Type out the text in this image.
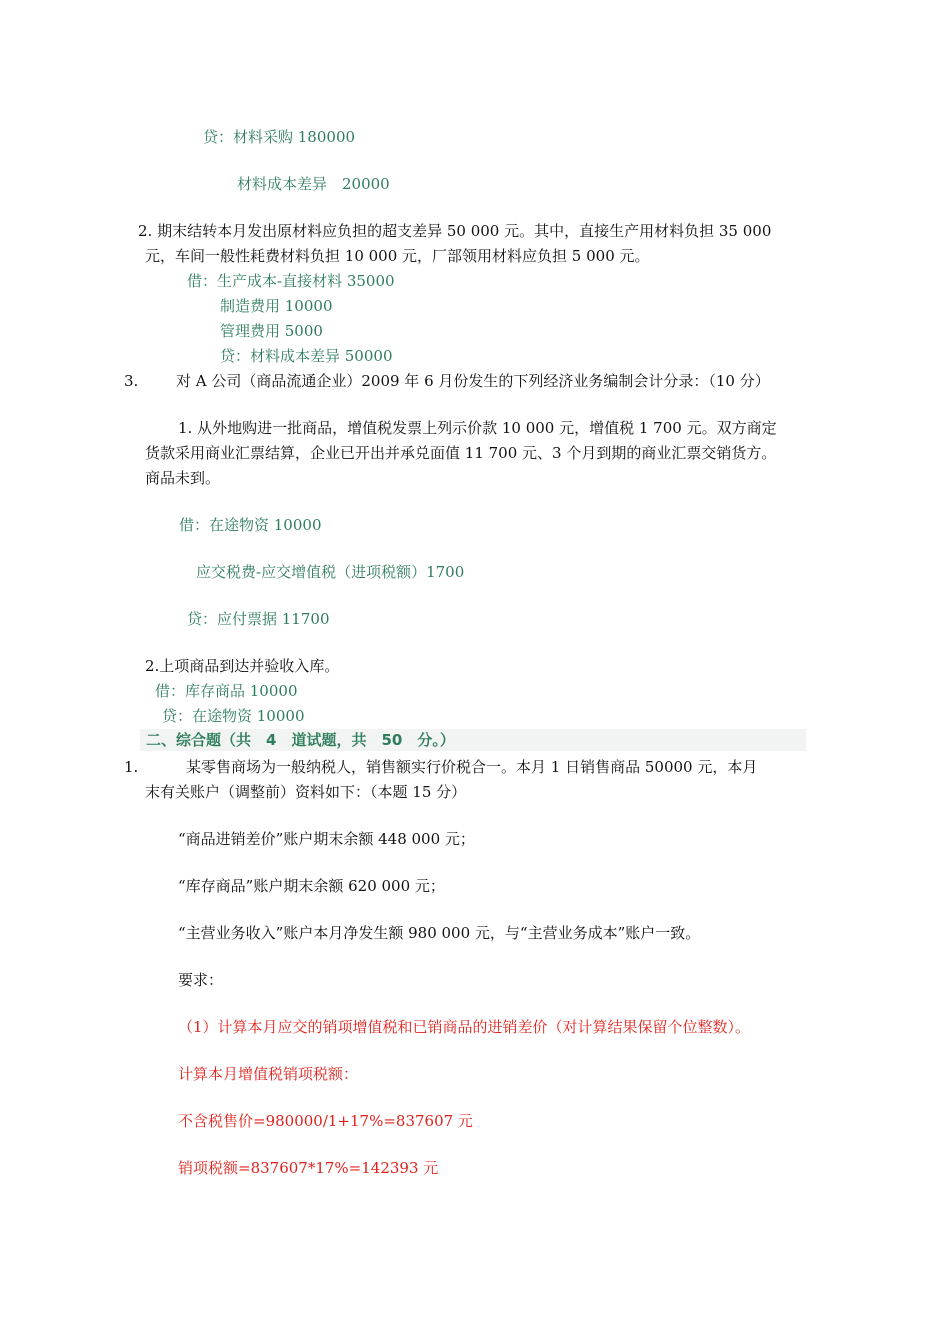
贷：材料采购 180000
材料成本差异　20000
2. 期末结转本月发出原材料应负担的超支差异 50 000 元。其中，直接生产用材料负担 35 000
元，车间一般性耗费材料负担 10 000 元，厂部领用材料应负担 5 000 元。
借：生产成本-直接材料 35000
制造费用 10000
管理费用 5000
贷：材料成本差异 50000
3.	对 A 公司（商品流通企业）2009 年 6 月份发生的下列经济业务编制会计分录：（10 分）
1. 从外地购进一批商品，增值税发票上列示价款 10 000 元，增值税 1 700 元。双方商定
货款采用商业汇票结算，企业已开出并承兑面值 11 700 元、3 个月到期的商业汇票交销货方。
商品未到。
借：在途物资 10000
应交税费-应交增值税（进项税额）1700
贷：应付票据 11700
2.上项商品到达并验收入库。
借：库存商品 10000
贷：在途物资 10000
二、综合题（共　4　道试题，共　50　分。）
1.	某零售商场为一般纳税人，销售额实行价税合一。本月 1 日销售商品 50000 元，本月
末有关账户（调整前）资料如下：（本题 15 分）
“商品进销差价”账户期末余额 448 000 元；
“库存商品”账户期末余额 620 000 元；
“主营业务收入”账户本月净发生额 980 000 元，与“主营业务成本”账户一致。
要求：
（1）计算本月应交的销项增值税和已销商品的进销差价（对计算结果保留个位整数）。
计算本月增值税销项税额：
不含税售价=980000/1+17%=837607 元
销项税额=837607*17%=142393 元
